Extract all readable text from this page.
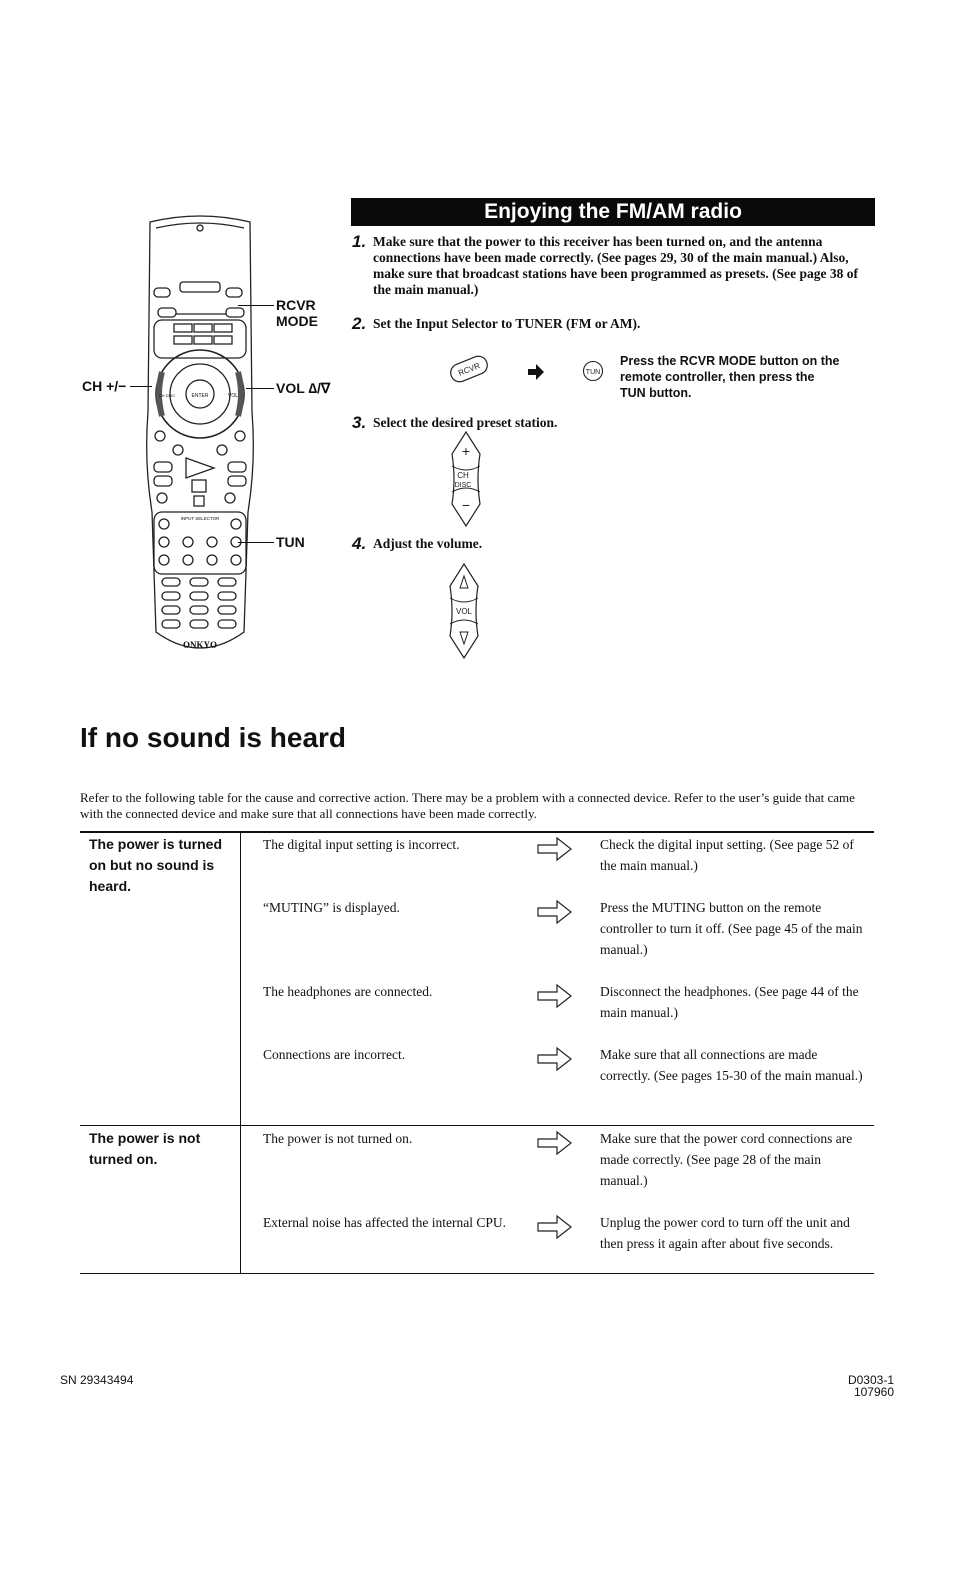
ENTER	VOL
CH DISC
INPUT SELECTOR
ONKYO
RCVR MODE
CH +/−	VOL ∆/∇
TUN
Enjoying the FM/AM radio
1. Make sure that the power to this receiver has been turned on, and the antenna connections have been made correctly. (See pages 29, 30 of the main manual.) Also, make sure that broadcast stations have been programmed as presets. (See page 38 of the main manual.)
2. Set the Input Selector to TUNER (FM or AM).
RCVR	TUN
Press the RCVR MODE button on the remote controller, then press the TUN button.
3. Select the desired preset station.
+
CH
DISC
−
4. Adjust the volume.
VOL
If no sound is heard
Refer to the following table for the cause and corrective action. There may be a problem with a connected device. Refer to the user’s guide that came with the connected device and make sure that all connections have been made correctly.
The power is turned on but no sound is heard.
The digital input setting is incorrect.	Check the digital input setting. (See page 52 of the main manual.)
“MUTING” is displayed.	Press the MUTING button on the remote controller to turn it off. (See page 45 of the main manual.)
The headphones are connected.	Disconnect the headphones. (See page 44 of the main manual.)
Connections are incorrect.	Make sure that all connections are made correctly. (See pages 15-30 of the main manual.)
The power is not turned on.
The power is not turned on.	Make sure that the power cord connections are made correctly. (See page 28 of the main manual.)
External noise has affected the internal CPU.	Unplug the power cord to turn off the unit and then press it again after about five seconds.
SN 29343494	D0303-1
107960
